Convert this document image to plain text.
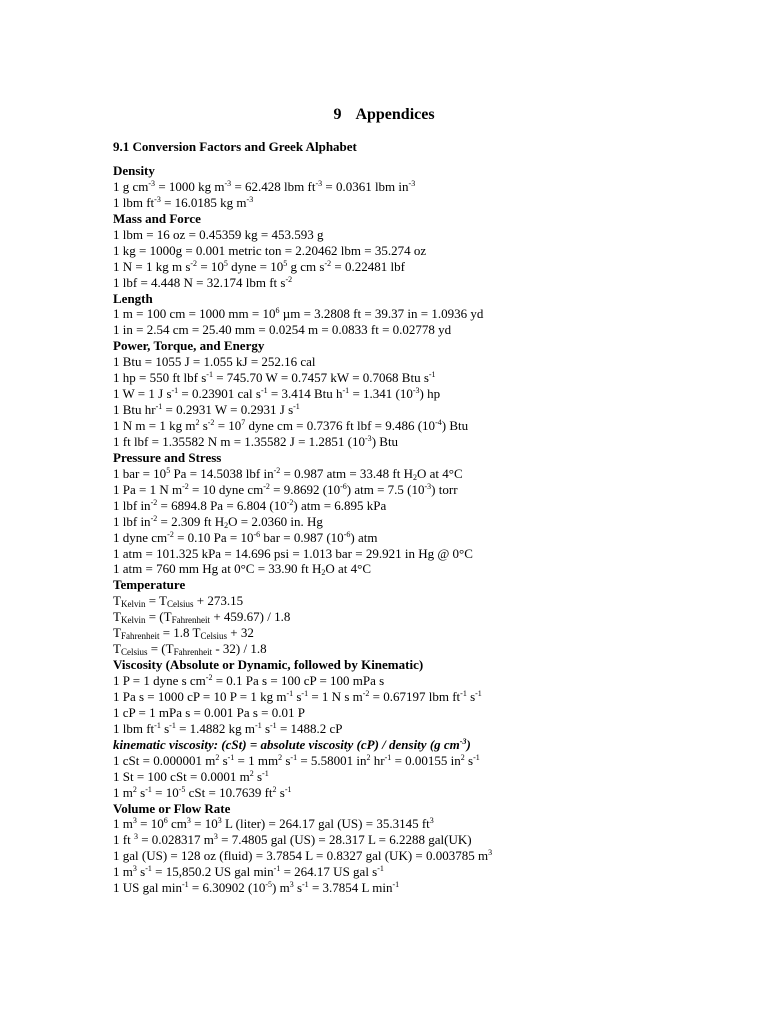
9 Appendices
9.1 Conversion Factors and Greek Alphabet
Density
1 g $cm^{-3} = 1000$ kg $m^{-3} = 62.428$ lbm $ft^{-3} = 0.0361$ lbm $in^{-3}$
1 lbm $ft^{-3} = 16.0185$ kg $m^{-3}$
Mass and Force
1 lbm = 16 oz = 0.45359 kg = 453.593 g
1 kg = 1000g = 0.001 metric ton = 2.20462 lbm = 35.274 oz
1 N = 1 kg m $s^{-2} = 10^5$ dyne = $10^5$ g cm $s^{-2} = 0.22481$ lbf
1 lbf = 4.448 N = 32.174 lbm ft $s^{-2}$
Length
1 m = 100 cm = 1000 mm = $10^6$ µm = 3.2808 ft = 39.37 in = 1.0936 yd
1 in = 2.54 cm = 25.40 mm = 0.0254 m = 0.0833 ft = 0.02778 yd
Power, Torque, and Energy
1 Btu = 1055 J = 1.055 kJ = 252.16 cal
1 hp = 550 ft lbf $s^{-1} = 745.70$ W = 0.7457 kW = 0.7068 Btu $s^{-1}$
1 W = 1 J $s^{-1} = 0.23901$ cal $s^{-1} = 3.414$ Btu $h^{-1} = 1.341$ $(10^{-3})$ hp
1 Btu $hr^{-1} = 0.2931$ W = 0.2931 J $s^{-1}$
1 N m = 1 kg $m^2$ $s^{-2} = 10^7$ dyne cm = 0.7376 ft lbf = 9.486 $(10^{-4})$ Btu
1 ft lbf = 1.35582 N m = 1.35582 J = 1.2851 $(10^{-3})$ Btu
Pressure and Stress
1 bar = $10^5$ Pa = 14.5038 lbf $in^{-2} = 0.987$ atm = 33.48 ft $H_2O$ at 4°C
1 Pa = 1 N $m^{-2} = 10$ dyne $cm^{-2} = 9.8692$ $(10^{-6})$ atm = 7.5 $(10^{-3})$ torr
1 lbf $in^{-2} = 6894.8$ Pa = 6.804 $(10^{-2})$ atm = 6.895 kPa
1 lbf $in^{-2} = 2.309$ ft $H_2O = 2.0360$ in. Hg
1 dyne $cm^{-2} = 0.10$ $Pa = 10^{-6}$ bar = 0.987 $(10^{-6})$ atm
1 atm = 101.325 kPa = 14.696 psi = 1.013 bar = 29.921 in Hg @ 0°C
1 atm = 760 mm Hg at 0°C = 33.90 ft $H_2O$ at 4°C
Temperature
$T_{Kelvin} = T_{Celsius} + 273.15$
$T_{Kelvin} = (T_{Fahrenheit} + 459.67) / 1.8$
$T_{Fahrenheit} = 1.8$ $T_{Celsius} + 32$
$T_{Celsius} = (T_{Fahrenheit} - 32) / 1.8$
Viscosity (Absolute or Dynamic, followed by Kinematic)
1 P = 1 dyne s $cm^{-2} = 0.1$ Pa s = 100 cP = 100 mPa s
1 Pa s = 1000 cP = 10 P = 1 kg $m^{-1}$ $s^{-1} = 1$ N s $m^{-2} = 0.67197$ lbm $ft^{-1}$ $s^{-1}$
1 cP = 1 mPa s = 0.001 Pa s = 0.01 P
1 lbm $ft^{-1}$ $s^{-1} = 1.4882$ kg $m^{-1}$ $s^{-1} = 1488.2$ cP
kinematic viscosity: (cSt) = absolute viscosity (cP) / density (g $cm^{-3}$)
1 cSt = 0.000001 $m^2$ $s^{-1} = 1$ $mm^2$ $s^{-1} = 5.58001$ $in^2$ $hr^{-1} = 0.00155$ $in^2$ $s^{-1}$
1 St = 100 cSt = 0.0001 $m^2$ $s^{-1}$
1 $m^2$ $s^{-1} = 10^{-5}$ cSt = 10.7639 $ft^2$ $s^{-1}$
Volume or Flow Rate
1 $m^3 = 10^6$ $cm^3 = 10^3$ L (liter) = 264.17 gal (US) = 35.3145 $ft^3$
1 ft $^3$ = 0.028317 $m^3 = 7.4805$ gal (US) = 28.317 L = 6.2288 gal(UK)
1 gal (US) = 128 oz (fluid) = 3.7854 L = 0.8327 gal (UK) = 0.003785 $m^3$
1 $m^3$ $s^{-1} = 15,850.2$ US gal $\min^{-1} = 264.17$ US gal $s^{-1}$
1 US gal $\min^{-1} = 6.30902$ $(10^{-5})$ $m^3$ $s^{-1} = 3.7854$ L $\min^{-1}$
